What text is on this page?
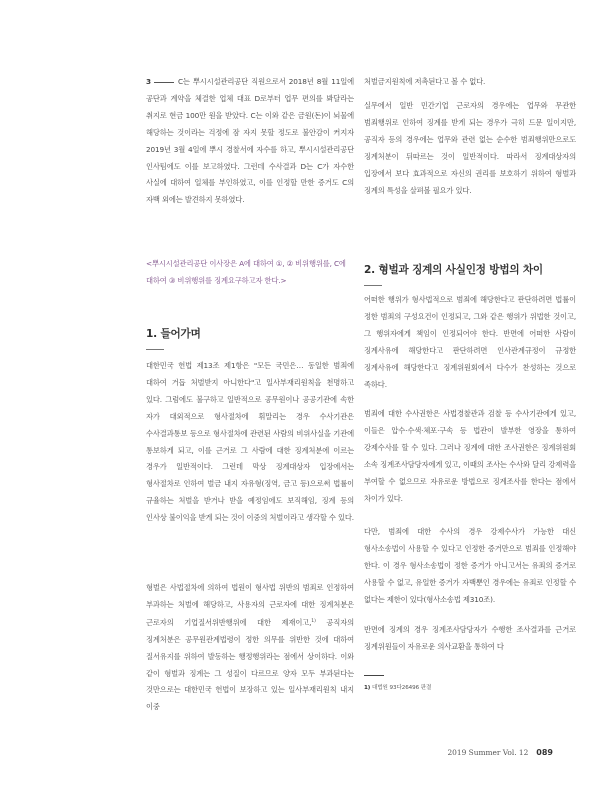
3	C는 뿌시시설관리공단 직원으로서 2018년 8월 11일에 공단과 계약을 체결한 업체 대표 D로부터 업무 편의를 봐달라는 취지로 현금 100만 원을 받았다. C는 이와 같은 금원(돈)이 뇌물에 해당하는 것이라는 걱정에 잠 자지 못할 정도로 불안감이 커지자 2019년 3월 4일에 뿌시 경찰서에 자수를 하고, 뿌시시설관리공단 인사팀에도 이를 보고하였다. 그런데 수사결과 D는 C가 자수한 사실에 대하여 일체를 부인하였고, 이를 인정할 만한 증거도 C의 자백 외에는 발견하지 못하였다.

<뿌시시설관리공단 이사장은 A에 대하여 ①, ② 비위행위를, C에 대하여 ③ 비위행위를 징계요구하고자 한다.>
1. 들어가며

대한민국 헌법 제13조 제1항은 "모든 국민은… 동일한 범죄에 대하여 거듭 처벌받지 아니한다"고 일사부재리원칙을 천명하고 있다. 그럼에도 불구하고 일반적으로 공무원이나 공공기관에 속한 자가 대외적으로 형사절차에 휘말리는 경우 수사기관은 수사결과통보 등으로 형사절차에 관련된 사람의 비위사실을 기관에 통보하게 되고, 이를 근거로 그 사람에 대한 징계처분에 이르는 경우가 일반적이다. 그런데 막상 징계대상자 입장에서는 형사절차로 인하여 벌금 내지 자유형(징역, 금고 등)으로써 법률이 규율하는 처벌을 받거나 받을 예정임에도 보직해임, 징계 등의 인사상 불이익을 받게 되는 것이 이중의 처벌이라고 생각할 수 있다.

형벌은 사법절차에 의하여 법원이 형사법 위반의 범죄로 인정하여 부과하는 처벌에 해당하고, 사용자의 근로자에 대한 징계처분은 근로자의 기업질서위반행위에 대한 제재이고,$^{1)}$ 공직자의 징계처분은 공무원관계법령이 정한 의무를 위반한 것에 대하여 질서유지를 위하여 발동하는 행정행위라는 점에서 상이하다. 이와 같이 형벌과 징계는 그 성질이 다르므로 양자 모두 부과된다는 것만으로는 대한민국 헌법이 보장하고 있는 일사부재리원칙 내지 이중

처벌금지원칙에 저촉된다고 볼 수 없다.

실무에서 일반 민간기업 근로자의 경우에는 업무와 무관한 범죄행위로 인하여 징계를 받게 되는 경우가 극히 드문 일이지만, 공직자 등의 경우에는 업무와 관련 없는 순수한 범죄행위만으로도 징계처분이 뒤따르는 것이 일반적이다. 따라서 징계대상자의 입장에서 보다 효과적으로 자신의 권리를 보호하기 위하여 형벌과 징계의 특성을 살펴볼 필요가 있다.

2. 형벌과 징계의 사실인정 방법의 차이

어떠한 행위가 형사법적으로 범죄에 해당한다고 판단하려면 법률이 정한 범죄의 구성요건이 인정되고, 그와 같은 행위가 위법한 것이고, 그 행위자에게 책임이 인정되어야 한다. 반면에 어떠한 사람이 징계사유에 해당한다고 판단하려면 인사관계규정이 규정한 징계사유에 해당한다고 징계위원회에서 다수가 찬성하는 것으로 족하다.

범죄에 대한 수사권한은 사법경찰관과 검찰 등 수사기관에게 있고, 이들은 압수·수색·체포·구속 등 법관이 발부한 영장을 통하여 강제수사를 할 수 있다. 그러나 징계에 대한 조사권한은 징계위원회 소속 징계조사담당자에게 있고, 이때의 조사는 수사와 달리 강제력을 부여할 수 없으므로 자유로운 방법으로 징계조사를 한다는 점에서 차이가 있다.

다만, 범죄에 대한 수사의 경우 강제수사가 가능한 대신 형사소송법이 사용할 수 있다고 인정한 증거만으로 범죄를 인정해야 한다. 이 경우 형사소송법이 정한 증거가 아니고서는 유죄의 증거로 사용할 수 없고, 유일한 증거가 자백뿐인 경우에는 유죄로 인정할 수 없다는 제한이 있다(형사소송법 제310조).

반면에 징계의 경우 징계조사담당자가 수행한 조사결과를 근거로 징계위원들이 자유로운 의사교환을 통하여 다

1) 대법원 93다26496 판결
2019 Summer Vol. 12 089
